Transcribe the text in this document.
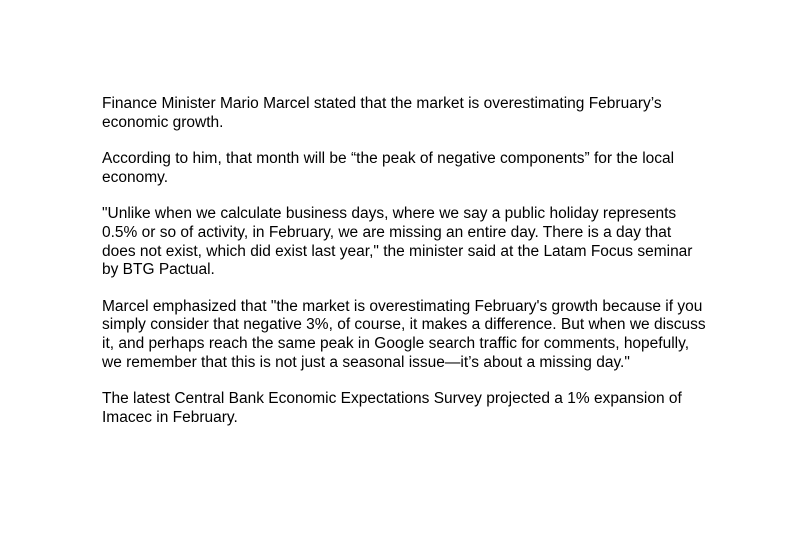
Finance Minister Mario Marcel stated that the market is overestimating February’s
economic growth.

According to him, that month will be “the peak of negative components” for the local
economy.

"Unlike when we calculate business days, where we say a public holiday represents
0.5% or so of activity, in February, we are missing an entire day. There is a day that
does not exist, which did exist last year," the minister said at the Latam Focus seminar
by BTG Pactual.

Marcel emphasized that "the market is overestimating February's growth because if you
simply consider that negative 3%, of course, it makes a difference. But when we discuss
it, and perhaps reach the same peak in Google search traffic for comments, hopefully,
we remember that this is not just a seasonal issue—it’s about a missing day."

The latest Central Bank Economic Expectations Survey projected a 1% expansion of
Imacec in February.
